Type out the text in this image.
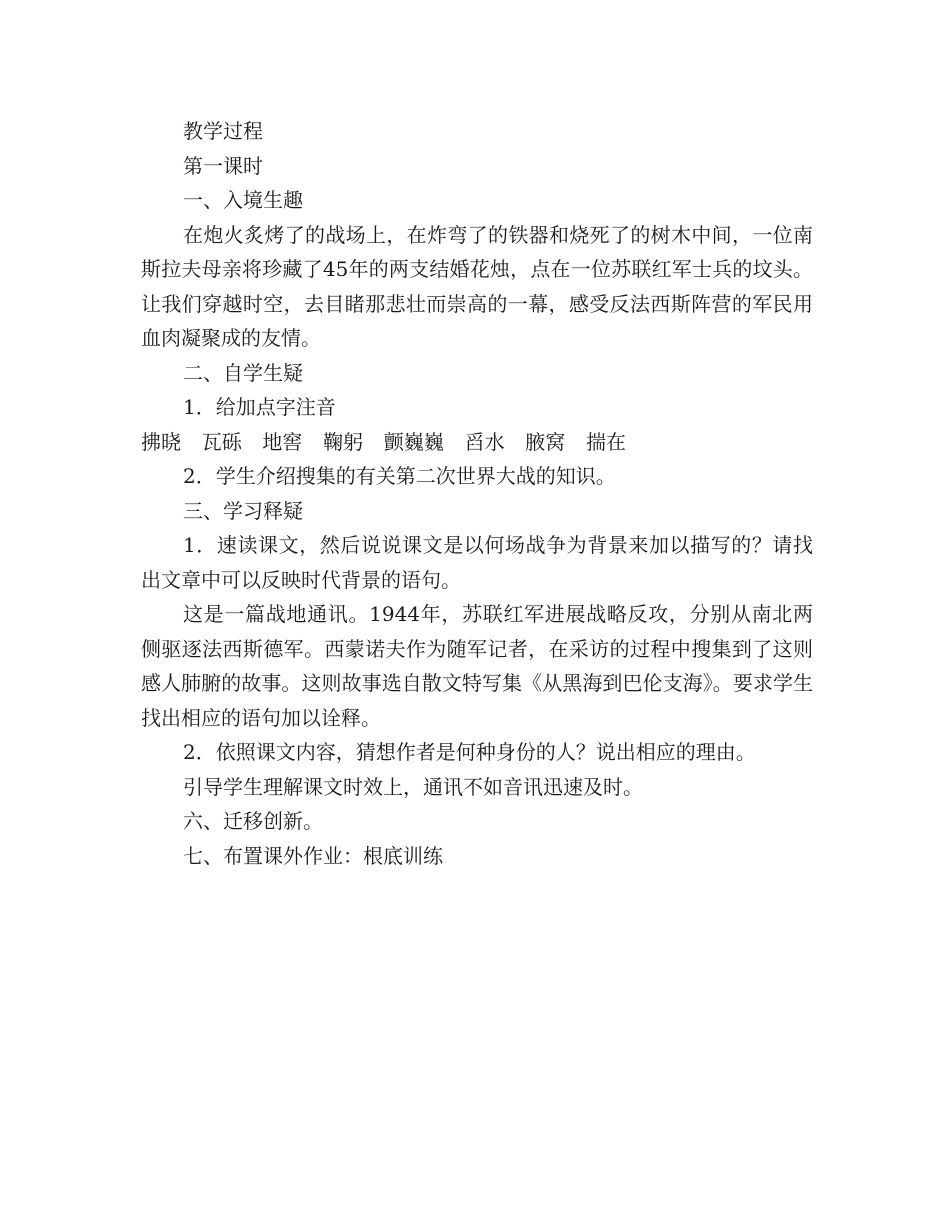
教学过程

第一课时

一、入境生趣

在炮火炙烤了的战场上，在炸弯了的铁器和烧死了的树木中间，一位南斯拉夫母亲将珍藏了45年的两支结婚花烛，点在一位苏联红军士兵的坟头。让我们穿越时空，去目睹那悲壮而崇高的一幕，感受反法西斯阵营的军民用血肉凝聚成的友情。

二、自学生疑

1．给加点字注音

拂晓  瓦砾  地窖  鞠躬  颤巍巍  舀水  腋窝  揣在

2．学生介绍搜集的有关第二次世界大战的知识。

三、学习释疑

1．速读课文，然后说说课文是以何场战争为背景来加以描写的？请找出文章中可以反映时代背景的语句。

这是一篇战地通讯。1944年，苏联红军进展战略反攻，分别从南北两侧驱逐法西斯德军。西蒙诺夫作为随军记者，在采访的过程中搜集到了这则感人肺腑的故事。这则故事选自散文特写集《从黑海到巴伦支海》。要求学生找出相应的语句加以诠释。

2．依照课文内容，猜想作者是何种身份的人？说出相应的理由。

引导学生理解课文时效上，通讯不如音讯迅速及时。

六、迁移创新。

七、布置课外作业：根底训练
